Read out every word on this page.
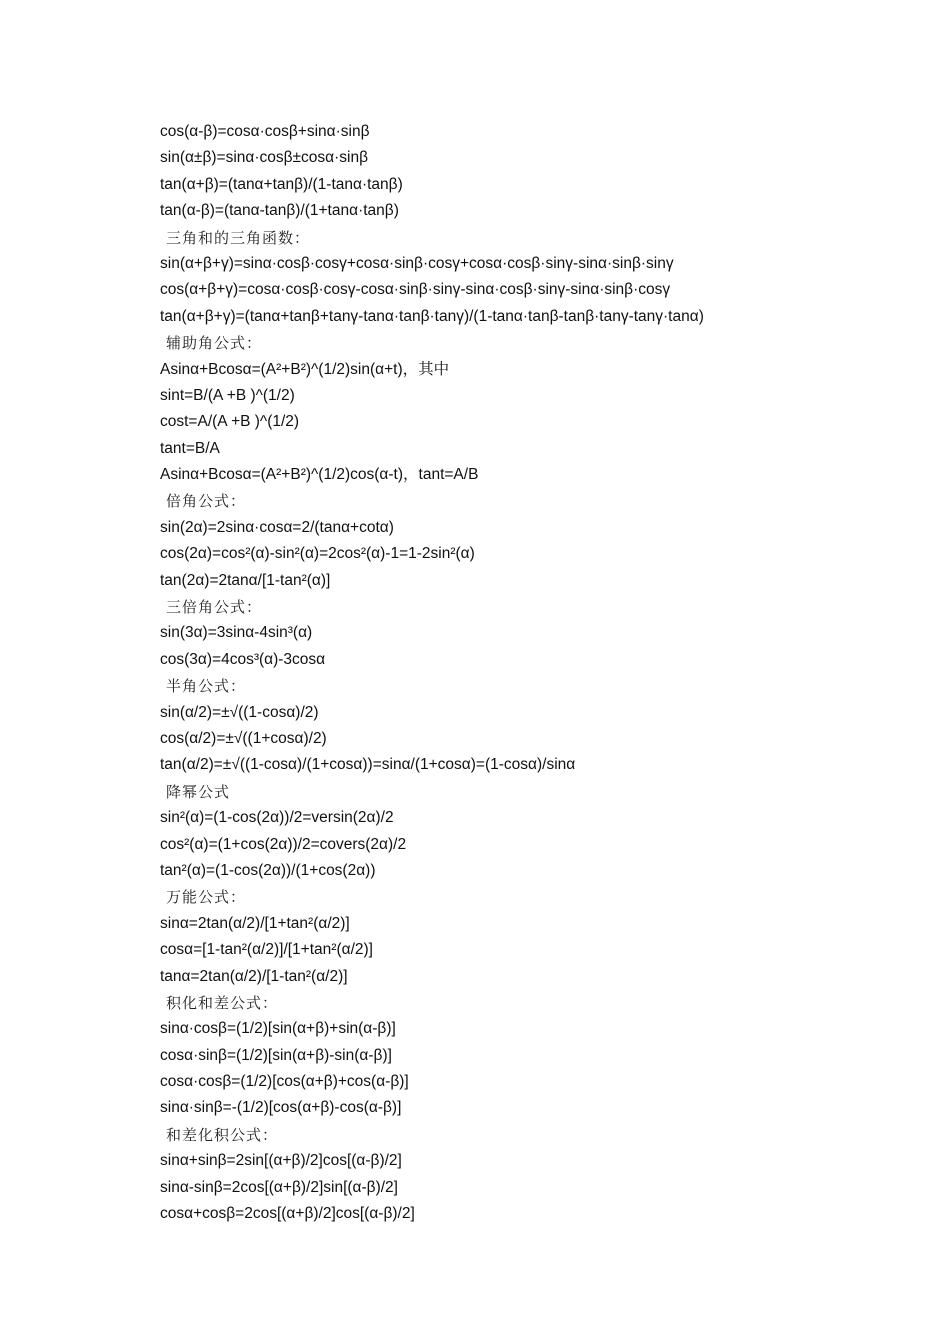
cos(α-β)=cosα·cosβ+sinα·sinβ
sin(α±β)=sinα·cosβ±cosα·sinβ
tan(α+β)=(tanα+tanβ)/(1-tanα·tanβ)
tan(α-β)=(tanα-tanβ)/(1+tanα·tanβ)
三角和的三角函数：
sin(α+β+γ)=sinα·cosβ·cosγ+cosα·sinβ·cosγ+cosα·cosβ·sinγ-sinα·sinβ·sinγ
cos(α+β+γ)=cosα·cosβ·cosγ-cosα·sinβ·sinγ-sinα·cosβ·sinγ-sinα·sinβ·cosγ
tan(α+β+γ)=(tanα+tanβ+tanγ-tanα·tanβ·tanγ)/(1-tanα·tanβ-tanβ·tanγ-tanγ·tanα)
辅助角公式：
Asinα+Bcosα=(A²+B²)^(1/2)sin(α+t)，其中
sint=B/(A +B )^(1/2)
cost=A/(A +B )^(1/2)
tant=B/A
Asinα+Bcosα=(A²+B²)^(1/2)cos(α-t)，tant=A/B
倍角公式：
sin(2α)=2sinα·cosα=2/(tanα+cotα)
cos(2α)=cos²(α)-sin²(α)=2cos²(α)-1=1-2sin²(α)
tan(2α)=2tanα/[1-tan²(α)]
三倍角公式：
sin(3α)=3sinα-4sin³(α)
cos(3α)=4cos³(α)-3cosα
半角公式：
sin(α/2)=±√((1-cosα)/2)
cos(α/2)=±√((1+cosα)/2)
tan(α/2)=±√((1-cosα)/(1+cosα))=sinα/(1+cosα)=(1-cosα)/sinα
降幂公式
sin²(α)=(1-cos(2α))/2=versin(2α)/2
cos²(α)=(1+cos(2α))/2=covers(2α)/2
tan²(α)=(1-cos(2α))/(1+cos(2α))
万能公式：
sinα=2tan(α/2)/[1+tan²(α/2)]
cosα=[1-tan²(α/2)]/[1+tan²(α/2)]
tanα=2tan(α/2)/[1-tan²(α/2)]
积化和差公式：
sinα·cosβ=(1/2)[sin(α+β)+sin(α-β)]
cosα·sinβ=(1/2)[sin(α+β)-sin(α-β)]
cosα·cosβ=(1/2)[cos(α+β)+cos(α-β)]
sinα·sinβ=-(1/2)[cos(α+β)-cos(α-β)]
和差化积公式：
sinα+sinβ=2sin[(α+β)/2]cos[(α-β)/2]
sinα-sinβ=2cos[(α+β)/2]sin[(α-β)/2]
cosα+cosβ=2cos[(α+β)/2]cos[(α-β)/2]
